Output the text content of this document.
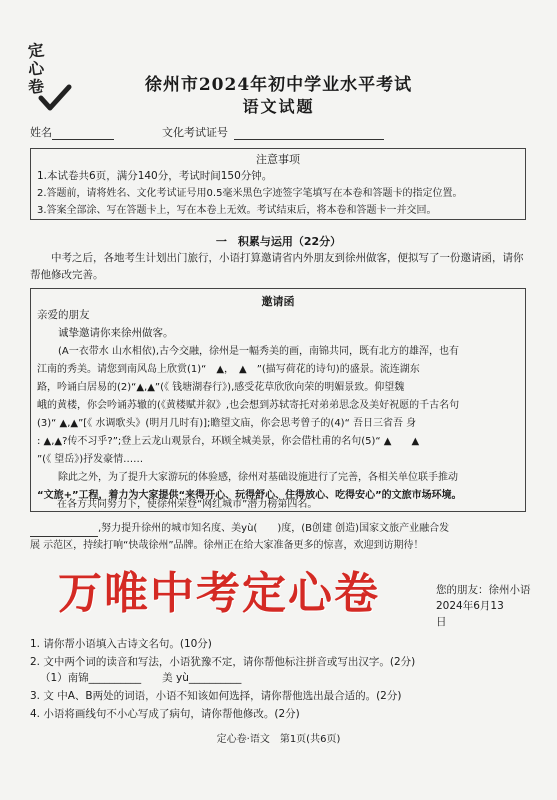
定
心
卷	徐州市2024年初中学业水平考试
语文试题
姓名	文化考试证号
注意事项

1.本试卷共6页，满分140分，考试时间150分钟。

2.答题前，请将姓名、文化考试证号用0.5毫米黑色字迹签字笔填写在本卷和答题卡的指定位置。

3.答案全部涂、写在答题卡上，写在本卷上无效。考试结束后，将本卷和答题卡一并交回。

一　积累与运用（22分）
中考之后，各地考生计划出门旅行，小语打算邀请省内外朋友到徐州做客，便拟写了一份邀请函，请你帮他修改完善。
邀请函
亲爱的朋友
诚挚邀请你来徐州做客。
(A一衣带水 山水相依),古今交融，徐州是一幅秀美的画，南锦共同，既有北方的雄浑，也有
江南的秀美。请您到南风岛上欣赏(1)“　▲，　▲　”(描写荷花的诗句)的盛景。流连湖东
路，吟诵白居易的(2)“▲,▲”(《 钱塘湖春行》),感受花草欣欣向荣的明媚景致。仰望魏
峨的黄楼，你会吟诵苏辙的(《黄楼赋并叙》,也会想到苏轼寄托对弟弟思念及美好祝愿的千古名句
(3)“ ▲,▲”[《 水调歌头》(明月几时有)];瞻望文庙，你会思考曾子的(4)“ 吾日三省吾 身
: ▲,▲?传不习乎?”;登上云龙山观景台，环顾全城美景，你会借杜甫的名句(5)“ ▲　　▲　
”(《 望岳》)抒发豪情……
除此之外，为了提升大家游玩的体验感，徐州对基础设施进行了完善，各相关单位联手推动
“文旅+”工程，着力为大家提供“来得开心、玩得舒心、住得放心、吃得安心”的文旅市场环境。
在各方共同努力下，使徐州荣登“网红城市”潜力榜第四名。
,努力提升徐州的城市知名度、美yù(　　)度，(B创建 创造)国家文旅产业融合发
展 示范区，持续打响“快哉徐州”品牌。徐州正在给大家准备更多的惊喜，欢迎到访期待！
万唯中考定心卷	您的朋友：徐州小语
2024年6月13
日
1. 请你帮小语填入古诗文名句。(10分)
2. 文中两个词的读音和写法，小语犹豫不定，请你帮他标注拼音或写出汉字。(2分)
（1）南锦__________　　美 yù__________
3. 文 中A、B两处的词语，小语不知该如何选择，请你帮他选出最合适的。(2分)
4. 小语将画线句不小心写成了病句，请你帮他修改。(2分)
定心卷·语文　第1页(共6页)
